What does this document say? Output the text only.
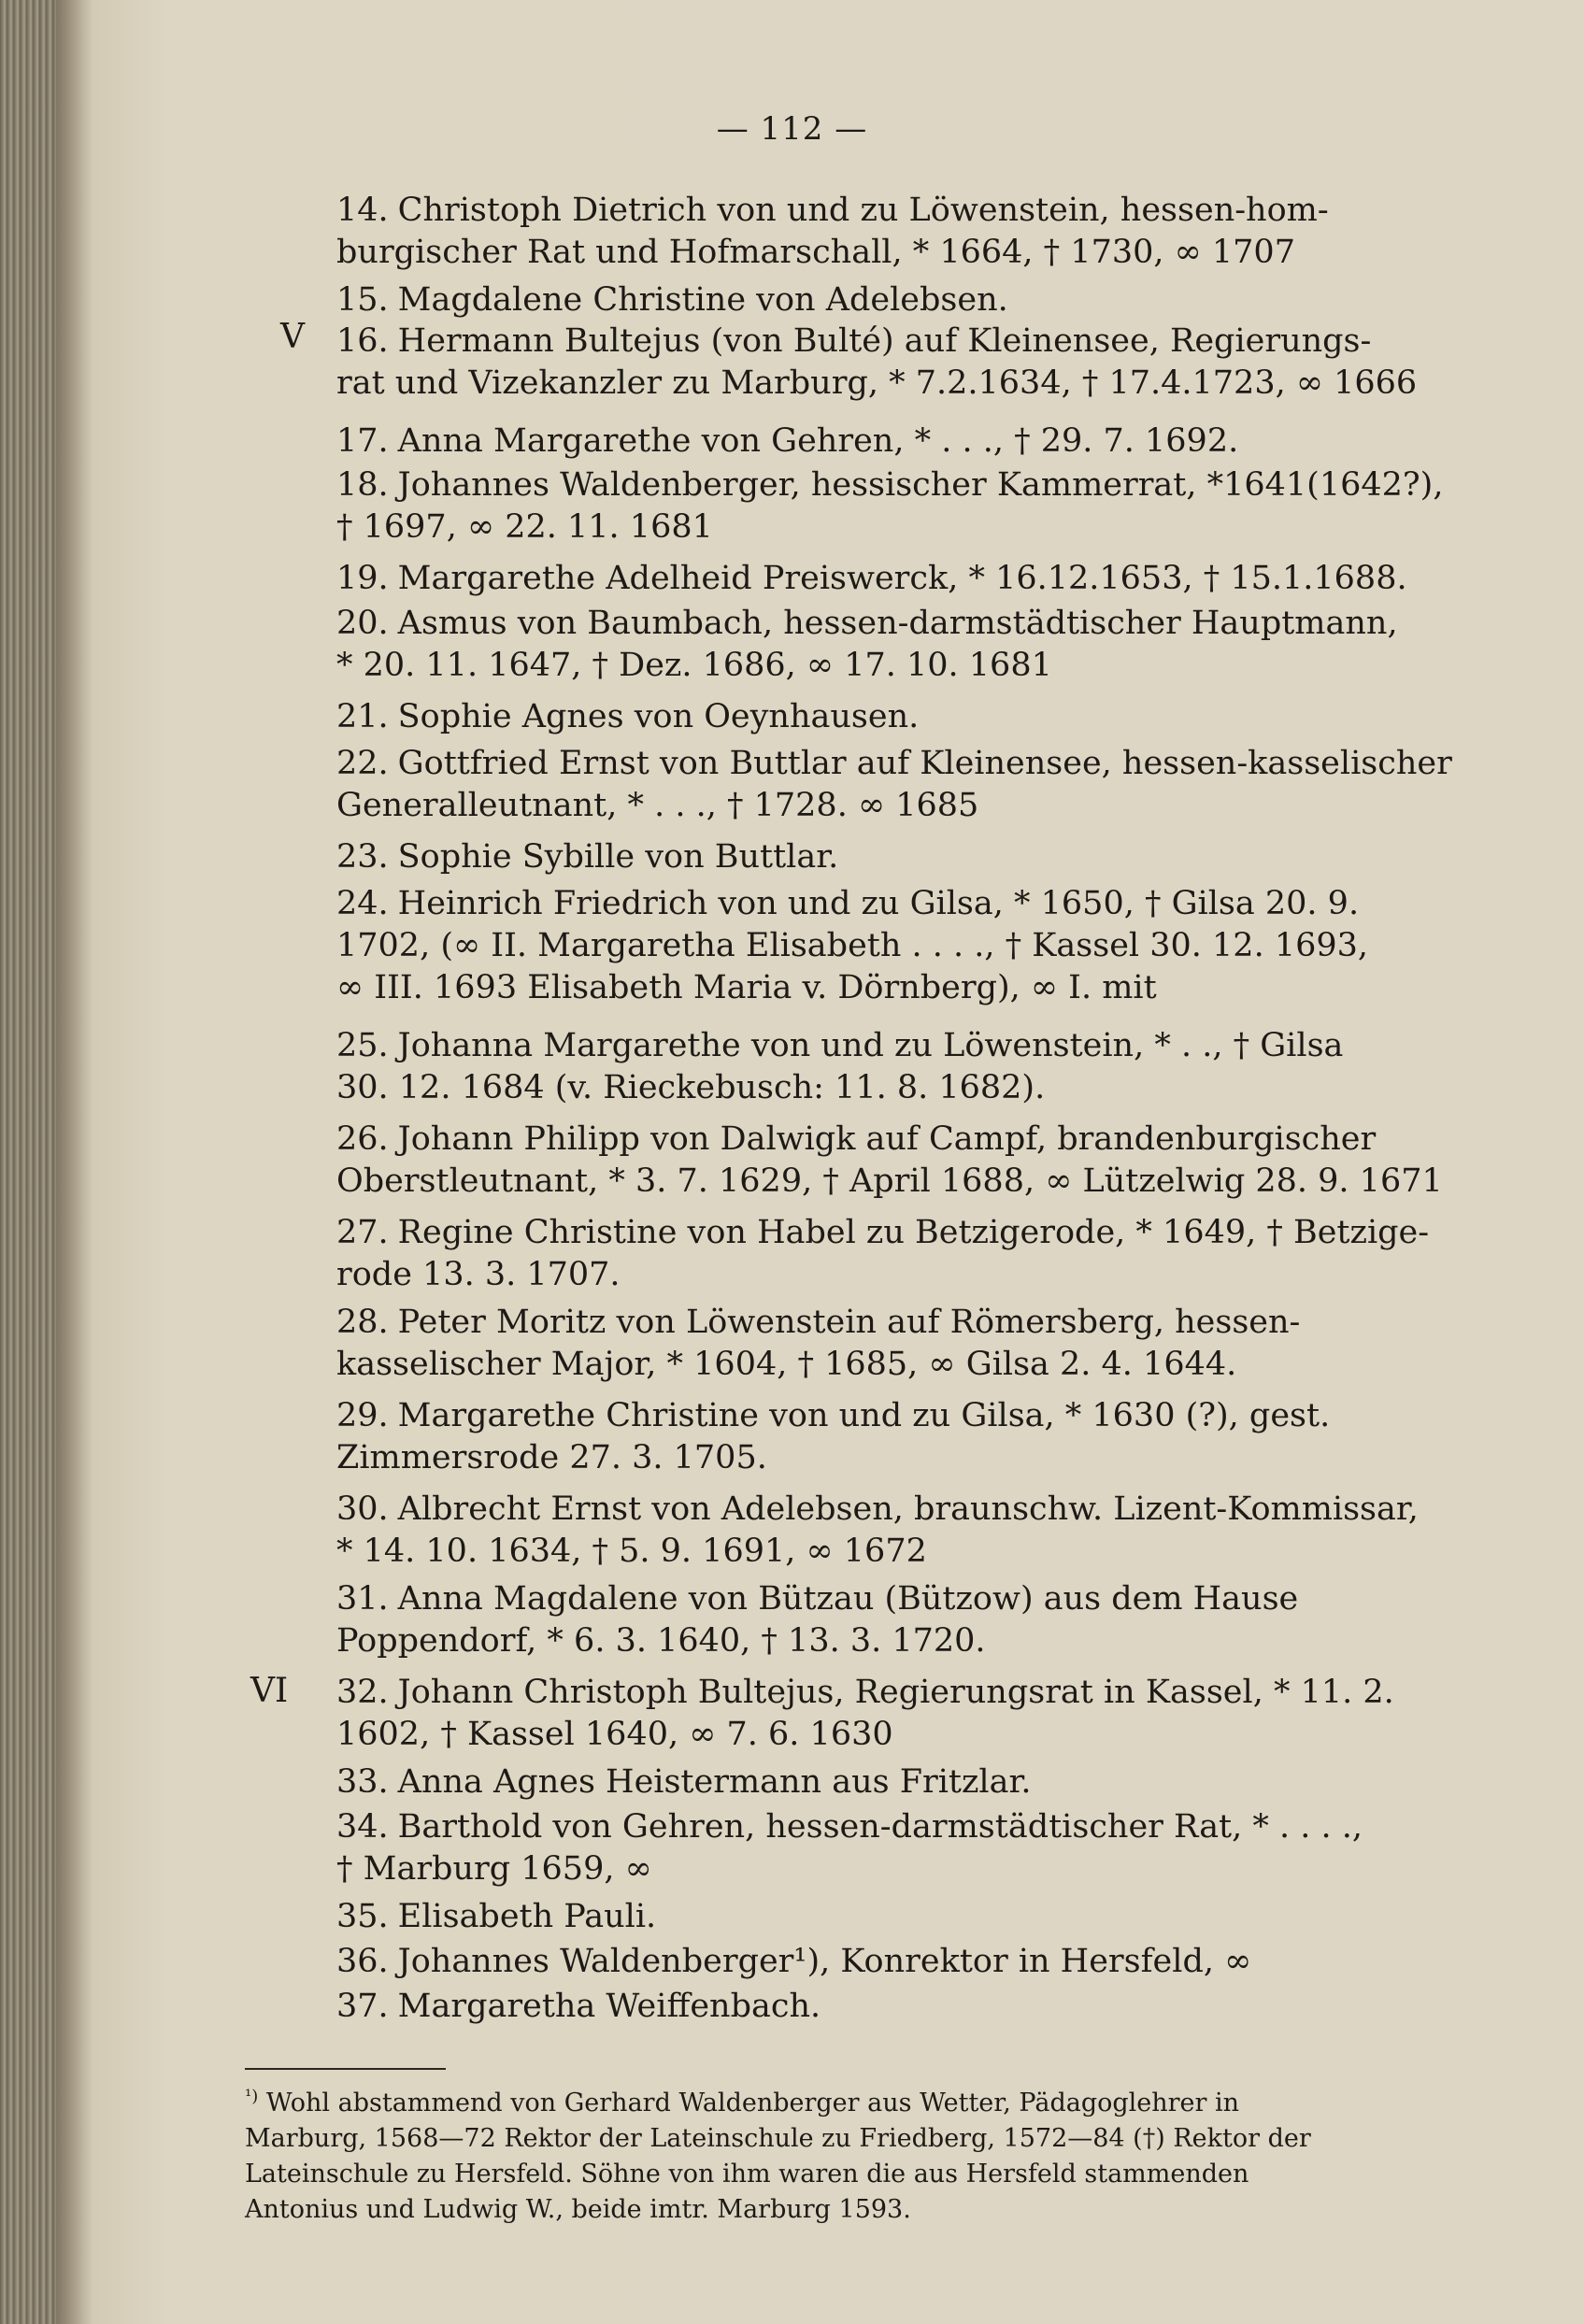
— 112 —
V
VI
14. Christoph Dietrich von und zu Löwenstein, hessen-hom-
burgischer Rat und Hofmarschall, * 1664, † 1730, ∞ 1707
15. Magdalene Christine von Adelebsen.
16. Hermann Bultejus (von Bulté) auf Kleinensee, Regierungs-
rat und Vizekanzler zu Marburg, * 7.2.1634, † 17.4.1723, ∞ 1666
17. Anna Margarethe von Gehren, * . . ., † 29. 7. 1692.
18. Johannes Waldenberger, hessischer Kammerrat, *1641(1642?),
† 1697, ∞ 22. 11. 1681
19. Margarethe Adelheid Preiswerck, * 16.12.1653, † 15.1.1688.
20. Asmus von Baumbach, hessen-darmstädtischer Hauptmann,
* 20. 11. 1647, † Dez. 1686, ∞ 17. 10. 1681
21. Sophie Agnes von Oeynhausen.
22. Gottfried Ernst von Buttlar auf Kleinensee, hessen-kasselischer
Generalleutnant, * . . ., † 1728. ∞ 1685
23. Sophie Sybille von Buttlar.
24. Heinrich Friedrich von und zu Gilsa, * 1650, † Gilsa 20. 9.
1702, (∞ II. Margaretha Elisabeth . . . ., † Kassel 30. 12. 1693,
∞ III. 1693 Elisabeth Maria v. Dörnberg), ∞ I. mit
25. Johanna Margarethe von und zu Löwenstein, * . ., † Gilsa
30. 12. 1684 (v. Rieckebusch: 11. 8. 1682).
26. Johann Philipp von Dalwigk auf Campf, brandenburgischer
Oberstleutnant, * 3. 7. 1629, † April 1688, ∞ Lützelwig 28. 9. 1671
27. Regine Christine von Habel zu Betzigerode, * 1649, † Betzige-
rode 13. 3. 1707.
28. Peter Moritz von Löwenstein auf Römersberg, hessen-
kasselischer Major, * 1604, † 1685, ∞ Gilsa 2. 4. 1644.
29. Margarethe Christine von und zu Gilsa, * 1630 (?), gest.
Zimmersrode 27. 3. 1705.
30. Albrecht Ernst von Adelebsen, braunschw. Lizent-Kommissar,
* 14. 10. 1634, † 5. 9. 1691, ∞ 1672
31. Anna Magdalene von Bützau (Bützow) aus dem Hause
Poppendorf, * 6. 3. 1640, † 13. 3. 1720.
32. Johann Christoph Bultejus, Regierungsrat in Kassel, * 11. 2.
1602, † Kassel 1640, ∞ 7. 6. 1630
33. Anna Agnes Heistermann aus Fritzlar.
34. Barthold von Gehren, hessen-darmstädtischer Rat, * . . . .,
† Marburg 1659, ∞
35. Elisabeth Pauli.
36. Johannes Waldenberger¹), Konrektor in Hersfeld, ∞
37. Margaretha Weiffenbach.
$^{^1)}$ Wohl abstammend von Gerhard Waldenberger aus Wetter, Pädagoglehrer in
Marburg, 1568—72 Rektor der Lateinschule zu Friedberg, 1572—84 (†) Rektor der
Lateinschule zu Hersfeld. Söhne von ihm waren die aus Hersfeld stammenden
Antonius und Ludwig W., beide imtr. Marburg 1593.
